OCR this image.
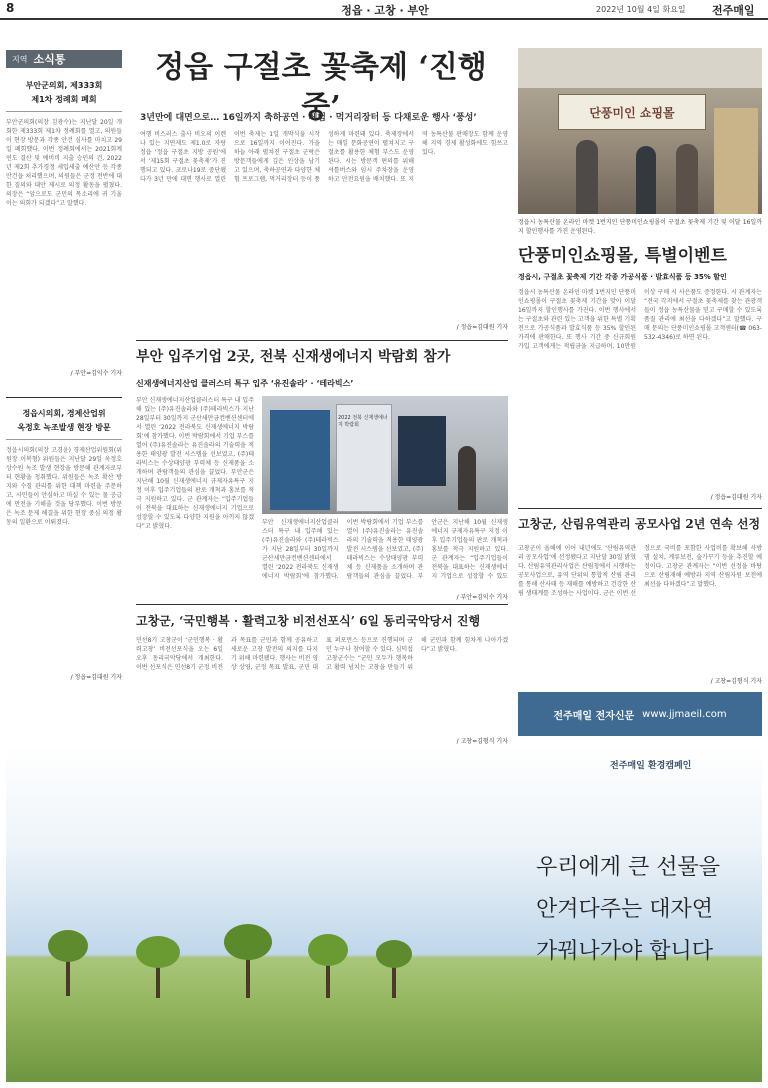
8	정읍 · 고창 · 부안	2022년 10월 4일 화요일 전주매일
지역 소식통
부안군의회, 제333회
제1차 정례회 폐회
부안군의회(의장 김광수)는 지난달 20일 개회한 제333회 제1차 정례회를 열고, 의원들이 현장 방문과 각종 안건 심사를 마치고 29일 폐회했다. 이번 정례회에서는 2021회계연도 결산 및 예비비 지출 승인의 건, 2022년 제2회 추가경정 세입세출 예산안 등 각종 안건을 처리했으며, 의원들은 군정 전반에 대한 질의와 대안 제시로 의정 활동을 펼쳤다. 의장은 “앞으로도 군민의 목소리에 귀 기울이는 의회가 되겠다”고 말했다.
/ 부안=김익수 기자
정읍시의회, 경제산업위
옥정호 녹조발생 현장 방문
정읍시의회(의장 고경윤) 경제산업위원회(위원장 이복형) 위원들은 지난달 29일 옥정호 상수원 녹조 발생 현장을 방문해 관계자로부터 현황을 청취했다. 위원들은 녹조 확산 방지와 수질 관리를 위한 대책 마련을 주문하고, 시민들이 안심하고 마실 수 있는 물 공급에 만전을 기해줄 것을 당부했다. 이번 방문은 녹조 문제 해결을 위한 현장 중심 의정 활동의 일환으로 이뤄졌다.
/ 정읍=김대원 기자
정읍 구절초 꽃축제 ‘진행 중’
3년만에 대면으로… 16일까지 축하공연 · 체험 · 먹거리장터 등 다채로운 행사 ‘풍성’
여행 비스러스 출사 비오의 이렌나 있는 지연제도 제1.0로 자랑 정읍 ‘정읍 구절초 지방 공원’에서 ‘제15회 구절초 꽃축제’가 진행되고 있다. 코로나19로 중단됐다가 3년 만에 대면 행사로 열린 이번 축제는 1일 개막식을 시작으로 16일까지 이어진다. 가을 하늘 아래 펼쳐진 구절초 군락은 방문객들에게 깊은 인상을 남기고 있으며, 축하공연과 다양한 체험 프로그램, 먹거리장터 등이 풍성하게 마련돼 있다. 축제장에서는 매일 문화공연이 펼쳐지고 구절초를 활용한 체험 부스도 운영된다. 시는 방문객 편의를 위해 셔틀버스와 임시 주차장을 운영하고 안전요원을 배치했다. 또 지역 농특산물 판매장도 함께 운영해 지역 경제 활성화에도 힘쓰고 있다.
/ 정읍=김대원 기자
단풍미인 쇼핑몰
정읍시 농특산물 온라인 마켓 1번지인 단풍미인쇼핑몰이 구절초 꽃축제 기간 및 이달 16일까지 할인행사를 가진 운영된다.
단풍미인쇼핑몰, 특별이벤트
정읍시, 구절초 꽃축제 기간 각종 가공식품 · 발효식품 등 35% 할인
정읍시 농특산물 온라인 마켓 1번지인 단풍미인쇼핑몰이 구절초 꽃축제 기간을 맞아 이달 16일까지 할인행사를 가진다. 이번 행사에서는 구절초와 관련 있는 고객을 위한 특별 기획전으로 가공식품과 발효식품 등 35% 할인된 가격에 판매한다. 또 행사 기간 중 신규회원 가입 고객에게는 적립금을 지급하며, 10만원 이상 구매 시 사은품도 증정한다. 시 관계자는 “전국 각지에서 구절초 꽃축제를 찾는 관광객들이 정읍 농특산물을 믿고 구매할 수 있도록 품질 관리에 최선을 다하겠다”고 말했다. 구매 문의는 단풍미인쇼핑몰 고객센터(☎ 063-532-4346)로 하면 된다.
/ 정읍=김대원 기자
부안 입주기업 2곳, 전북 신재생에너지 박람회 참가
신재생에너지산업 클러스터 특구 입주 ‘유진솔라’ · ‘테라빅스’
부안 신재생에너지산업클러스터 특구 내 입주해 있는 (주)유진솔라와 (주)테라빅스가 지난 28일부터 30일까지 군산새만금컨벤션센터에서 열린 ‘2022 전라북도 신재생에너지 박람회’에 참가했다. 이번 박람회에서 기업 부스를 열어 (주)유진솔라는 유진솔라의 기술력을 적용한 태양광 발전 시스템을 선보였고, (주)테라빅스는 수상태양광 부력체 등 신제품을 소개하며 관람객들의 관심을 끌었다. 부안군은 지난해 10월 신재생에너지 규제자유특구 지정 이후 입주기업들의 판로 개척과 홍보를 적극 지원하고 있다. 군 관계자는 “입주기업들이 전북을 대표하는 신재생에너지 기업으로 성장할 수 있도록 다양한 지원을 아끼지 않겠다”고 밝혔다.
2022 전북 신재생에너지 박람회
부안 신재생에너지산업클러스터 특구 내 입주해 있는 (주)유진솔라와 (주)테라빅스가 지난 28일부터 30일까지 군산새만금컨벤션센터에서 열린 ‘2022 전라북도 신재생에너지 박람회’에 참가했다. 이번 박람회에서 기업 부스를 열어 (주)유진솔라는 유진솔라의 기술력을 적용한 태양광 발전 시스템을 선보였고, (주)테라빅스는 수상태양광 부력체 등 신제품을 소개하며 관람객들의 관심을 끌었다. 부안군은 지난해 10월 신재생에너지 규제자유특구 지정 이후 입주기업들의 판로 개척과 홍보를 적극 지원하고 있다. 군 관계자는 “입주기업들이 전북을 대표하는 신재생에너지 기업으로 성장할 수 있도
/ 부안=김익수 기자
고창군, 산림유역관리 공모사업 2년 연속 선정
고창군이 올해에 이어 내년에도 ‘산림유역관리 공모사업’에 선정됐다고 지난달 30일 밝혔다. 산림유역관리사업은 산림청에서 시행하는 공모사업으로, 유역 단위의 통합적 산림 관리를 통해 산사태 등 재해를 예방하고 건강한 산림 생태계를 조성하는 사업이다. 군은 이번 선정으로 국비를 포함한 사업비를 확보해 사방댐 설치, 계류보전, 숲가꾸기 등을 추진할 예정이다. 고창군 관계자는 “이번 선정을 바탕으로 산림재해 예방과 지역 산림자원 보전에 최선을 다하겠다”고 말했다.
/ 고창=김형식 기자
고창군, ‘국민행복 · 활력고창 비전선포식’ 6일 동리국악당서 진행
민선8기 고창군이 ‘군민행복 · 활력고창’ 비전선포식을 오는 6일 오후 동리국악당에서 개최한다. 이번 선포식은 민선8기 군정 비전과 목표를 군민과 함께 공유하고 새로운 고창 발전의 의지를 다지기 위해 마련됐다. 행사는 비전 영상 상영, 군정 목표 발표, 군민 대표 퍼포먼스 등으로 진행되며 군민 누구나 참여할 수 있다. 심덕섭 고창군수는 “군민 모두가 행복하고 활력 넘치는 고창을 만들기 위해 군민과 함께 힘차게 나아가겠다”고 밝혔다.
/ 고창=김형식 기자
전주매일 전자신문 www.jjmaeil.com
전주매일 환경캠페인
우리에게 큰 선물을
안겨다주는 대자연
가꿔나가야 합니다
